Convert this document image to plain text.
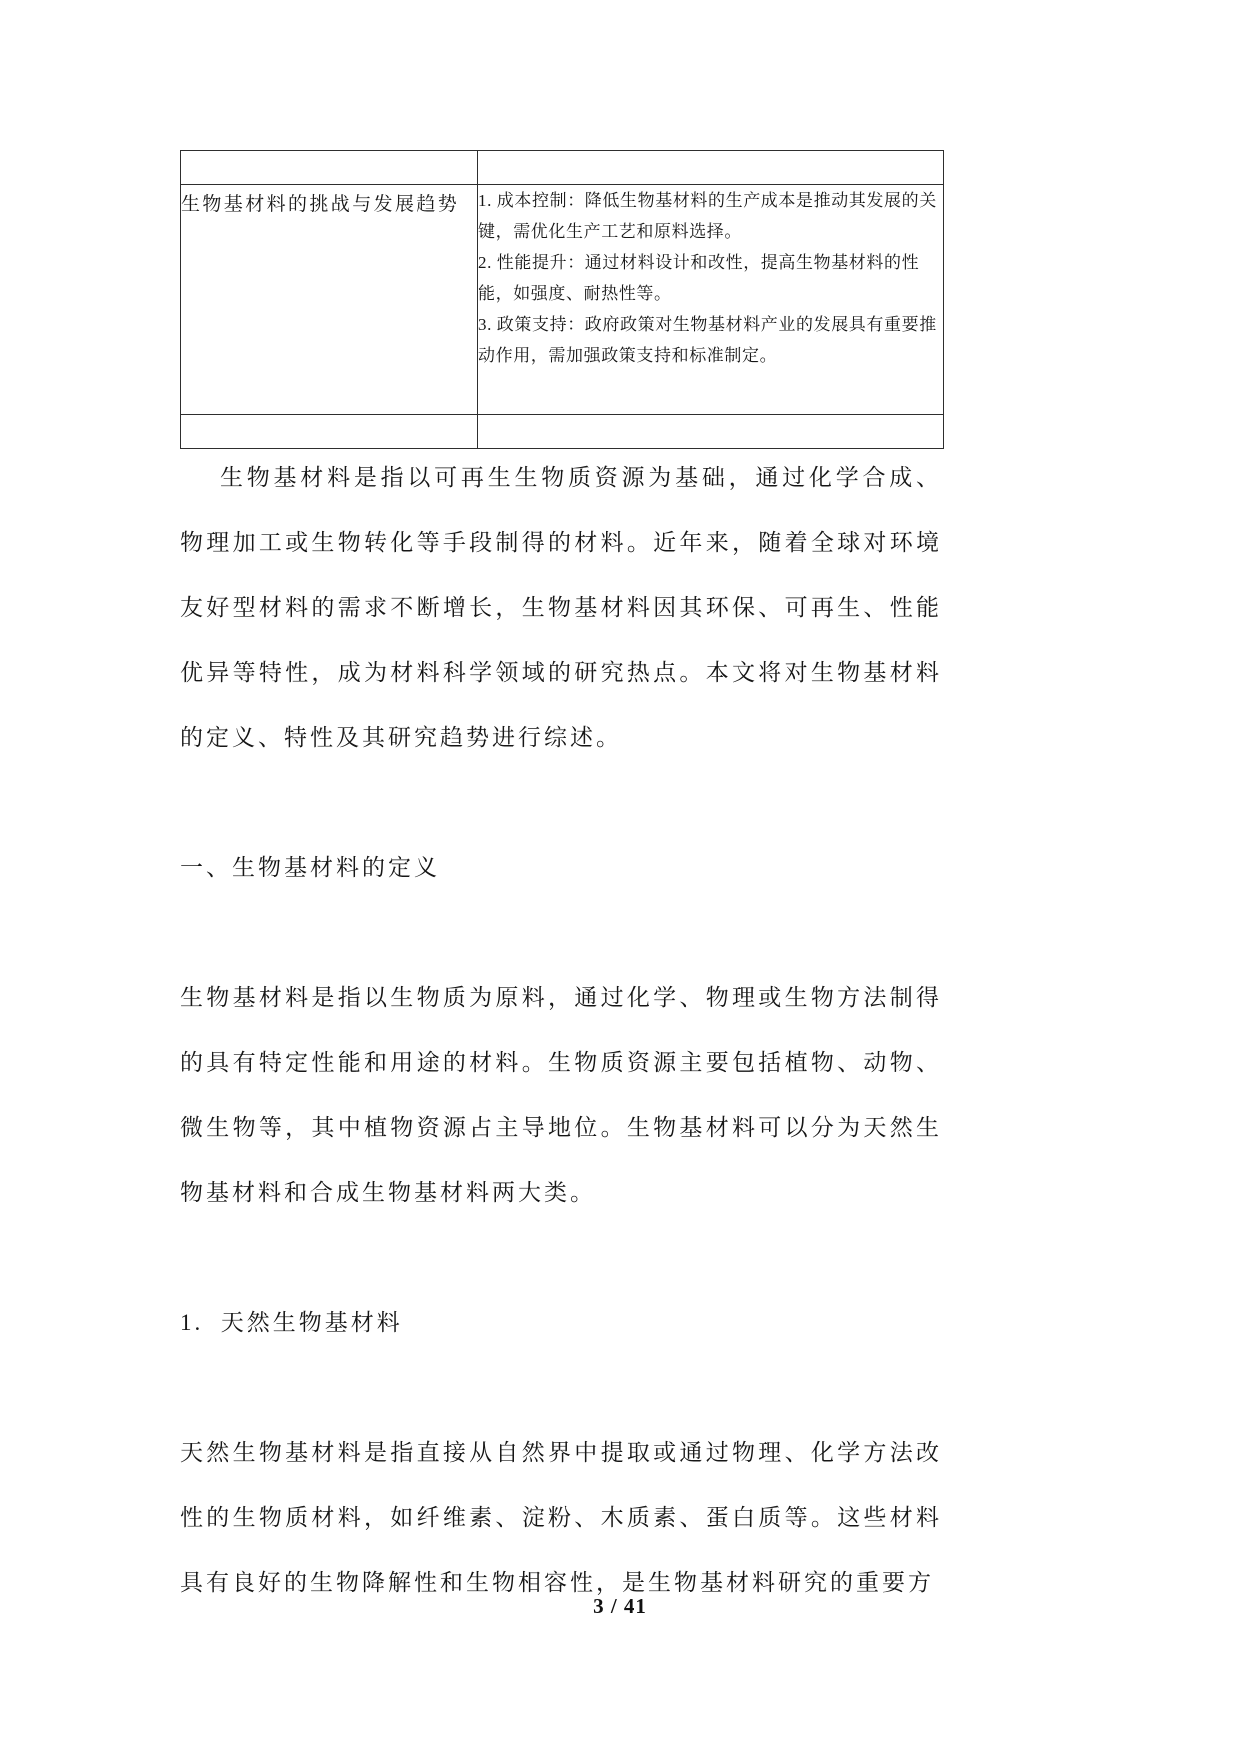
生物基材料的挑战与发展趋势	1. 成本控制：降低生物基材料的生产成本是推动其发展的关键，需优化生产工艺和原料选择。

2. 性能提升：通过材料设计和改性，提高生物基材料的性能，如强度、耐热性等。

3. 政策支持：政府政策对生物基材料产业的发展具有重要推动作用，需加强政策支持和标准制定。

生物基材料是指以可再生生物质资源为基础，通过化学合成、物理加工或生物转化等手段制得的材料。近年来，随着全球对环境友好型材料的需求不断增长，生物基材料因其环保、可再生、性能优异等特性，成为材料科学领域的研究热点。本文将对生物基材料的定义、特性及其研究趋势进行综述。

一、生物基材料的定义

生物基材料是指以生物质为原料，通过化学、物理或生物方法制得的具有特定性能和用途的材料。生物质资源主要包括植物、动物、微生物等，其中植物资源占主导地位。生物基材料可以分为天然生物基材料和合成生物基材料两大类。

1.  天然生物基材料

天然生物基材料是指直接从自然界中提取或通过物理、化学方法改性的生物质材料，如纤维素、淀粉、木质素、蛋白质等。这些材料具有良好的生物降解性和生物相容性，是生物基材料研究的重要方

3 / 41
